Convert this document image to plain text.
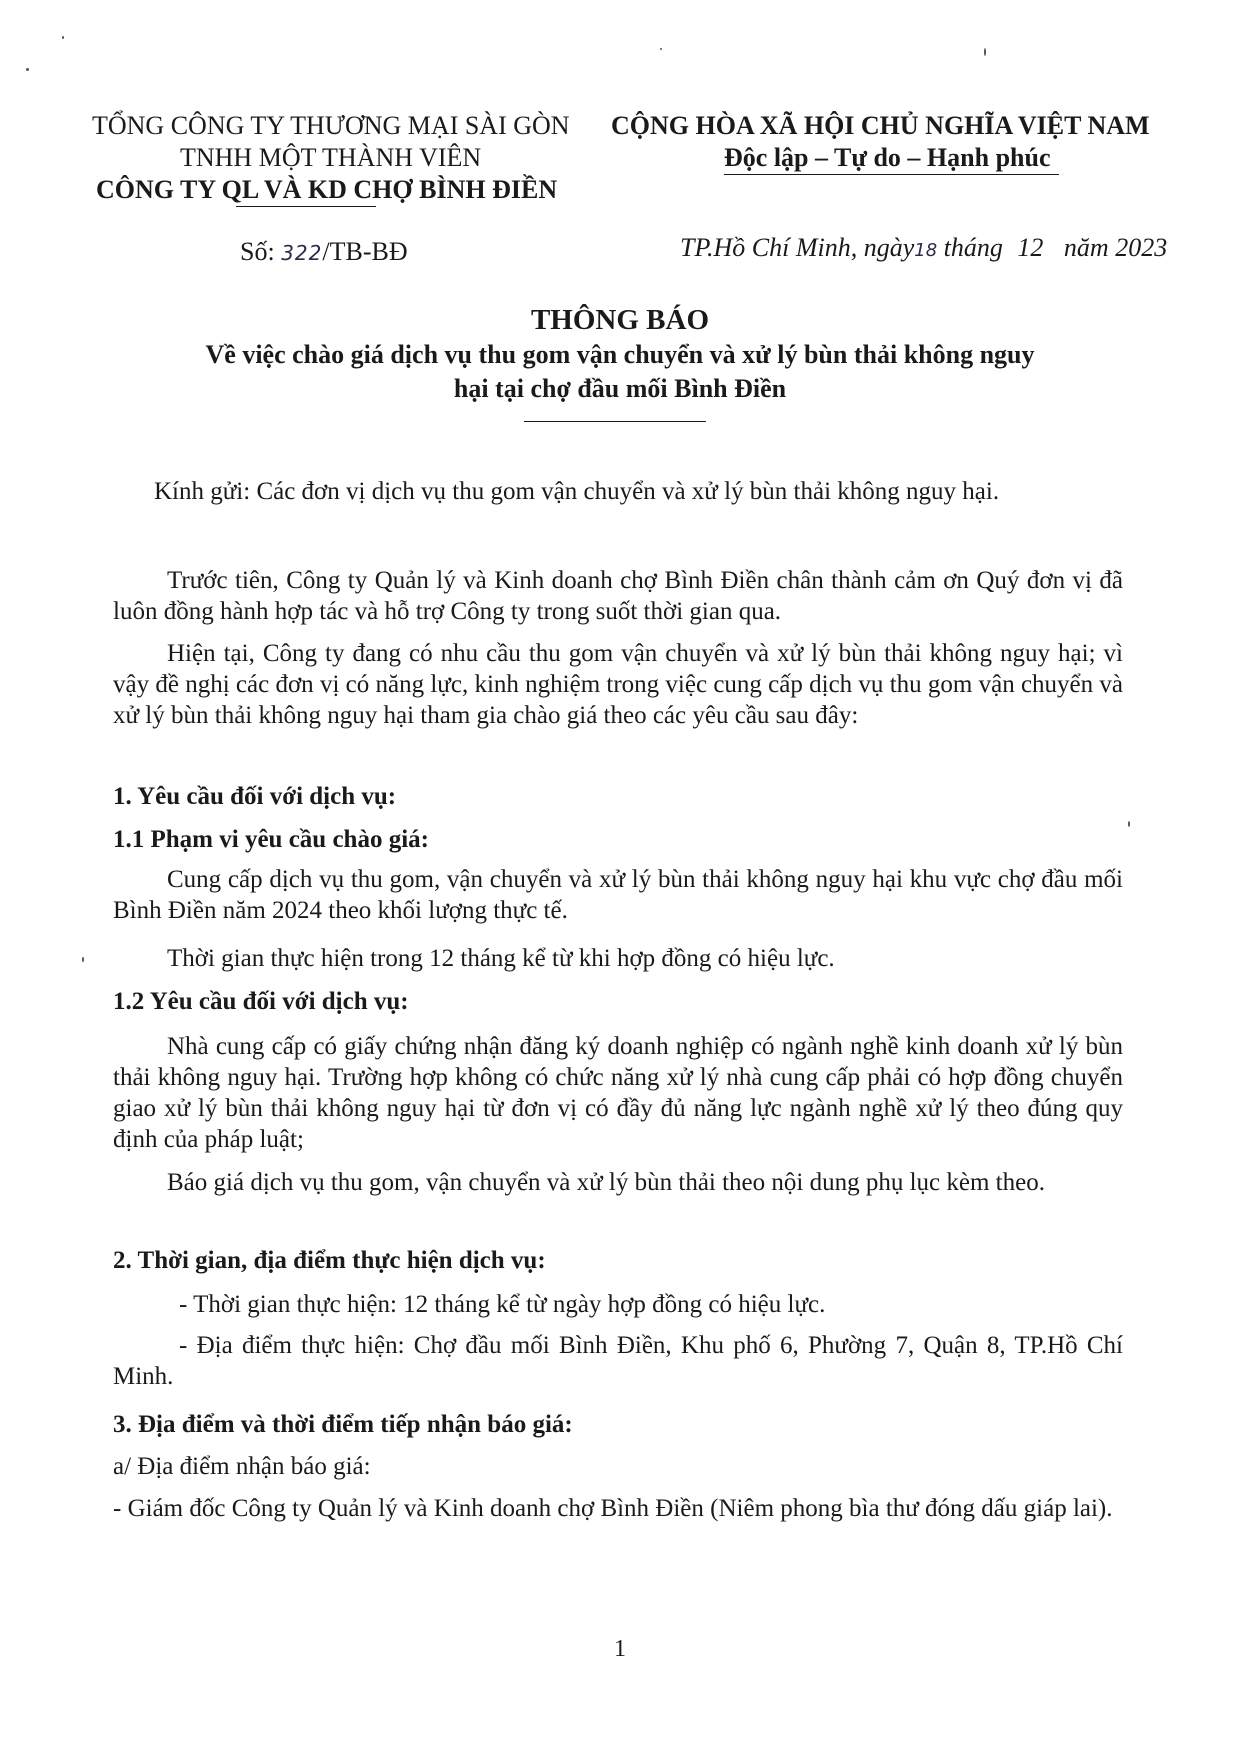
TỔNG CÔNG TY THƯƠNG MẠI SÀI GÒN
TNHH MỘT THÀNH VIÊN
CÔNG TY QL VÀ KD CHỢ BÌNH ĐIỀN
CỘNG HÒA XÃ HỘI CHỦ NGHĨA VIỆT NAM
Độc lập – Tự do – Hạnh phúc
Số: 322/TB-BĐ	TP.Hồ Chí Minh, ngày18 tháng 12 năm 2023
THÔNG BÁO
Về việc chào giá dịch vụ thu gom vận chuyển và xử lý bùn thải không nguy
hại tại chợ đầu mối Bình Điền
Kính gửi: Các đơn vị dịch vụ thu gom vận chuyển và xử lý bùn thải không nguy hại.
Trước tiên, Công ty Quản lý và Kinh doanh chợ Bình Điền chân thành cảm ơn Quý đơn vị đã luôn đồng hành hợp tác và hỗ trợ Công ty trong suốt thời gian qua.
Hiện tại, Công ty đang có nhu cầu thu gom vận chuyển và xử lý bùn thải không nguy hại; vì vậy đề nghị các đơn vị có năng lực, kinh nghiệm trong việc cung cấp dịch vụ thu gom vận chuyển và xử lý bùn thải không nguy hại tham gia chào giá theo các yêu cầu sau đây:
1. Yêu cầu đối với dịch vụ:
1.1 Phạm vi yêu cầu chào giá:
Cung cấp dịch vụ thu gom, vận chuyển và xử lý bùn thải không nguy hại khu vực chợ đầu mối Bình Điền năm 2024 theo khối lượng thực tế.
Thời gian thực hiện trong 12 tháng kể từ khi hợp đồng có hiệu lực.
1.2 Yêu cầu đối với dịch vụ:
Nhà cung cấp có giấy chứng nhận đăng ký doanh nghiệp có ngành nghề kinh doanh xử lý bùn thải không nguy hại. Trường hợp không có chức năng xử lý nhà cung cấp phải có hợp đồng chuyển giao xử lý bùn thải không nguy hại từ đơn vị có đầy đủ năng lực ngành nghề xử lý theo đúng quy định của pháp luật;
Báo giá dịch vụ thu gom, vận chuyển và xử lý bùn thải theo nội dung phụ lục kèm theo.
2. Thời gian, địa điểm thực hiện dịch vụ:
- Thời gian thực hiện: 12 tháng kể từ ngày hợp đồng có hiệu lực.
- Địa điểm thực hiện: Chợ đầu mối Bình Điền, Khu phố 6, Phường 7, Quận 8, TP.Hồ Chí Minh.
3. Địa điểm và thời điểm tiếp nhận báo giá:
a/ Địa điểm nhận báo giá:
- Giám đốc Công ty Quản lý và Kinh doanh chợ Bình Điền (Niêm phong bìa thư đóng dấu giáp lai).
1
